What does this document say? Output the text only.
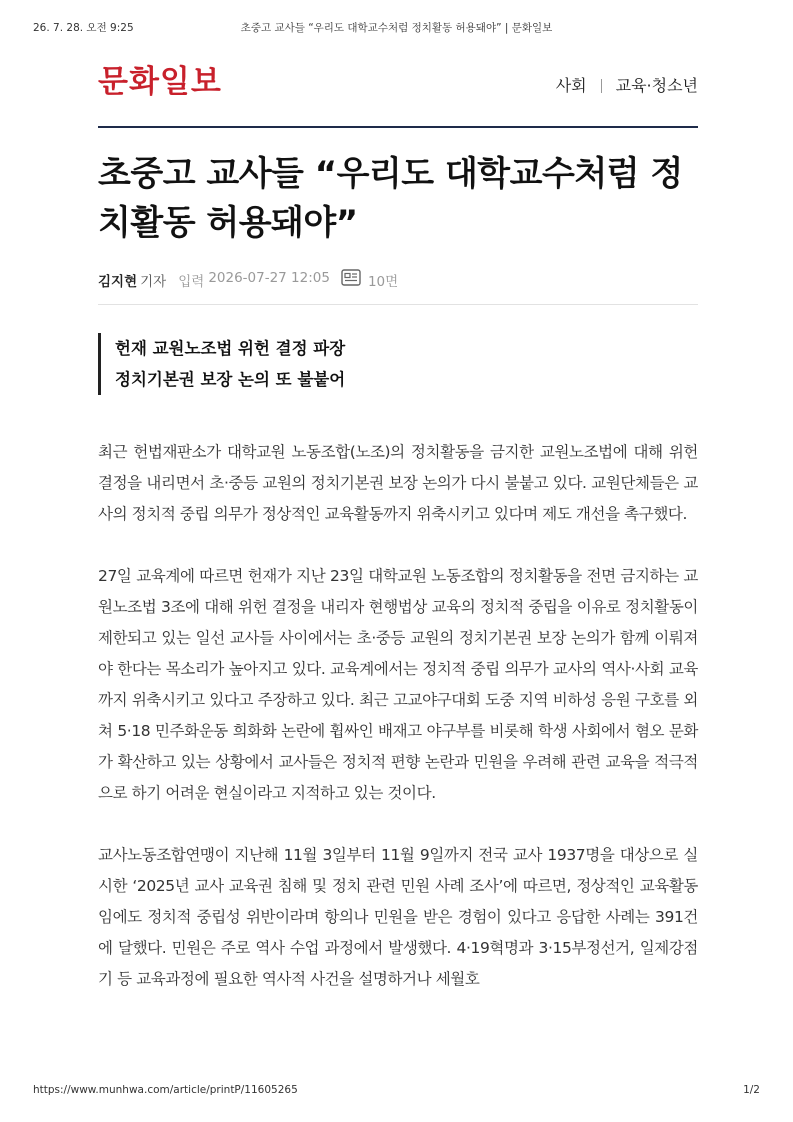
26. 7. 28. 오전 9:25	초중고 교사들 “우리도 대학교수처럼 정치활동 허용돼야” | 문화일보
문화일보	사회 교육·청소년
초중고 교사들 “우리도 대학교수처럼 정
치활동 허용돼야”
김지현 기자 입력 2026-07-27 12:05	10면
헌재 교원노조법 위헌 결정 파장
정치기본권 보장 논의 또 불붙어

최근 헌법재판소가 대학교원 노동조합(노조)의 정치활동을 금지한 교원노조법에 대해 위헌 결정을 내리면서 초·중등 교원의 정치기본권 보장 논의가 다시 불붙고 있다. 교원단체들은 교사의 정치적 중립 의무가 정상적인 교육활동까지 위축시키고 있다며 제도 개선을 촉구했다.

27일 교육계에 따르면 헌재가 지난 23일 대학교원 노동조합의 정치활동을 전면 금지하는 교원노조법 3조에 대해 위헌 결정을 내리자 현행법상 교육의 정치적 중립을 이유로 정치활동이 제한되고 있는 일선 교사들 사이에서는 초·중등 교원의 정치기본권 보장 논의가 함께 이뤄져야 한다는 목소리가 높아지고 있다. 교육계에서는 정치적 중립 의무가 교사의 역사·사회 교육까지 위축시키고 있다고 주장하고 있다. 최근 고교야구대회 도중 지역 비하성 응원 구호를 외쳐 5·18 민주화운동 희화화 논란에 휩싸인 배재고 야구부를 비롯해 학생 사회에서 혐오 문화가 확산하고 있는 상황에서 교사들은 정치적 편향 논란과 민원을 우려해 관련 교육을 적극적으로 하기 어려운 현실이라고 지적하고 있는 것이다.

교사노동조합연맹이 지난해 11월 3일부터 11월 9일까지 전국 교사 1937명을 대상으로 실시한 ‘2025년 교사 교육권 침해 및 정치 관련 민원 사례 조사’에 따르면, 정상적인 교육활동임에도 정치적 중립성 위반이라며 항의나 민원을 받은 경험이 있다고 응답한 사례는 391건에 달했다. 민원은 주로 역사 수업 과정에서 발생했다. 4·19혁명과 3·15부정선거, 일제강점기 등 교육과정에 필요한 역사적 사건을 설명하거나 세월호

https://www.munhwa.com/article/printP/11605265	1/2
